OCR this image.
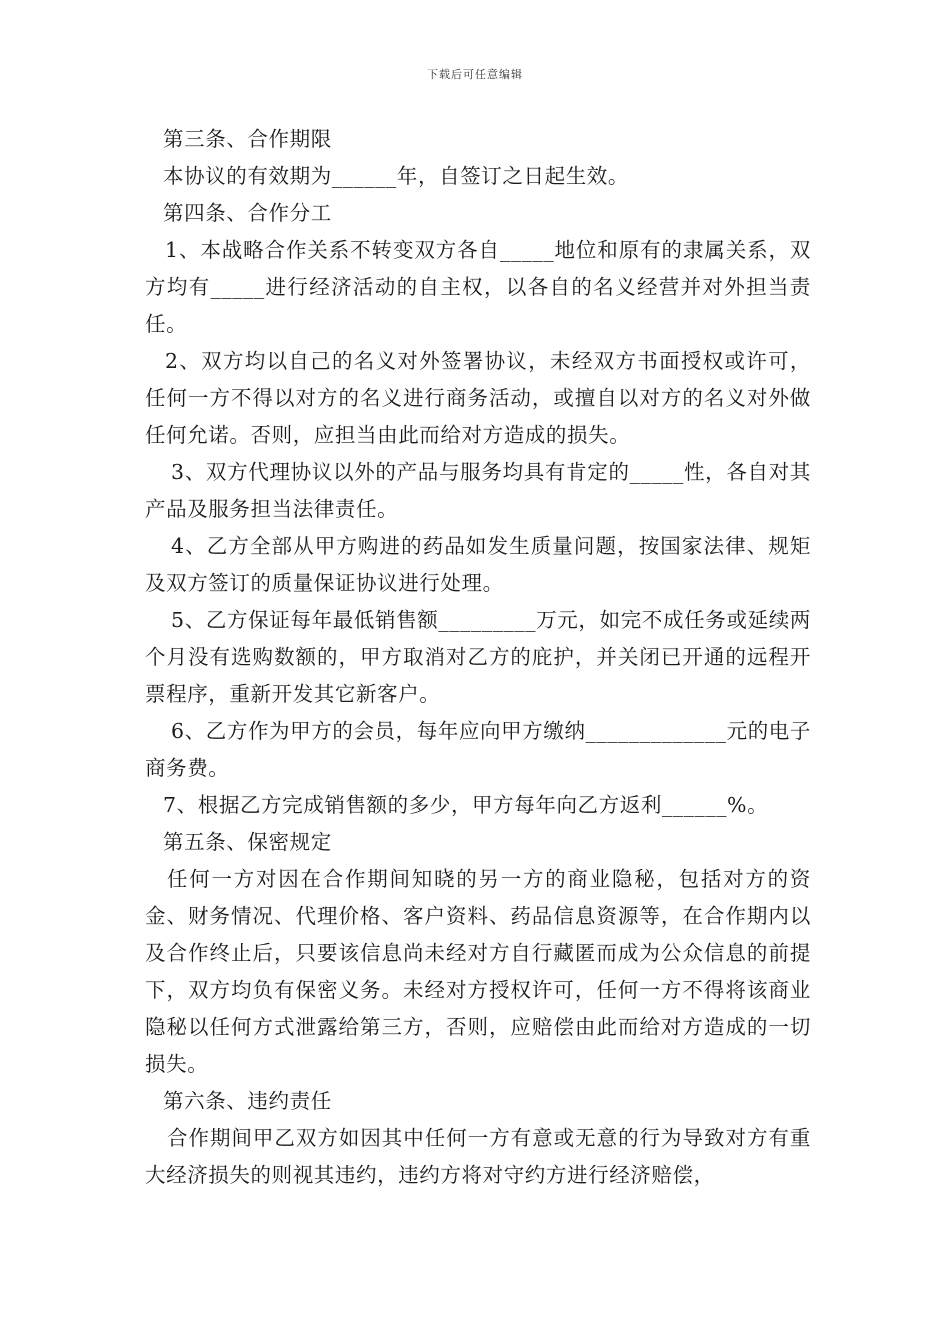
下载后可任意编辑

第三条、合作期限

本协议的有效期为______年，自签订之日起生效。

第四条、合作分工

1、本战略合作关系不转变双方各自_____地位和原有的隶属关系，双方均有_____进行经济活动的自主权，以各自的名义经营并对外担当责任。

2、双方均以自己的名义对外签署协议，未经双方书面授权或许可，任何一方不得以对方的名义进行商务活动，或擅自以对方的名义对外做任何允诺。否则，应担当由此而给对方造成的损失。

3、双方代理协议以外的产品与服务均具有肯定的_____性，各自对其产品及服务担当法律责任。

4、乙方全部从甲方购进的药品如发生质量问题，按国家法律、规矩及双方签订的质量保证协议进行处理。

5、乙方保证每年最低销售额_________万元，如完不成任务或延续两个月没有选购数额的，甲方取消对乙方的庇护，并关闭已开通的远程开票程序，重新开发其它新客户。

6、乙方作为甲方的会员，每年应向甲方缴纳_____________元的电子商务费。

7、根据乙方完成销售额的多少，甲方每年向乙方返利______%。

第五条、保密规定

任何一方对因在合作期间知晓的另一方的商业隐秘，包括对方的资金、财务情况、代理价格、客户资料、药品信息资源等，在合作期内以及合作终止后，只要该信息尚未经对方自行藏匿而成为公众信息的前提下，双方均负有保密义务。未经对方授权许可，任何一方不得将该商业隐秘以任何方式泄露给第三方，否则，应赔偿由此而给对方造成的一切损失。

第六条、违约责任

合作期间甲乙双方如因其中任何一方有意或无意的行为导致对方有重大经济损失的则视其违约，违约方将对守约方进行经济赔偿，
